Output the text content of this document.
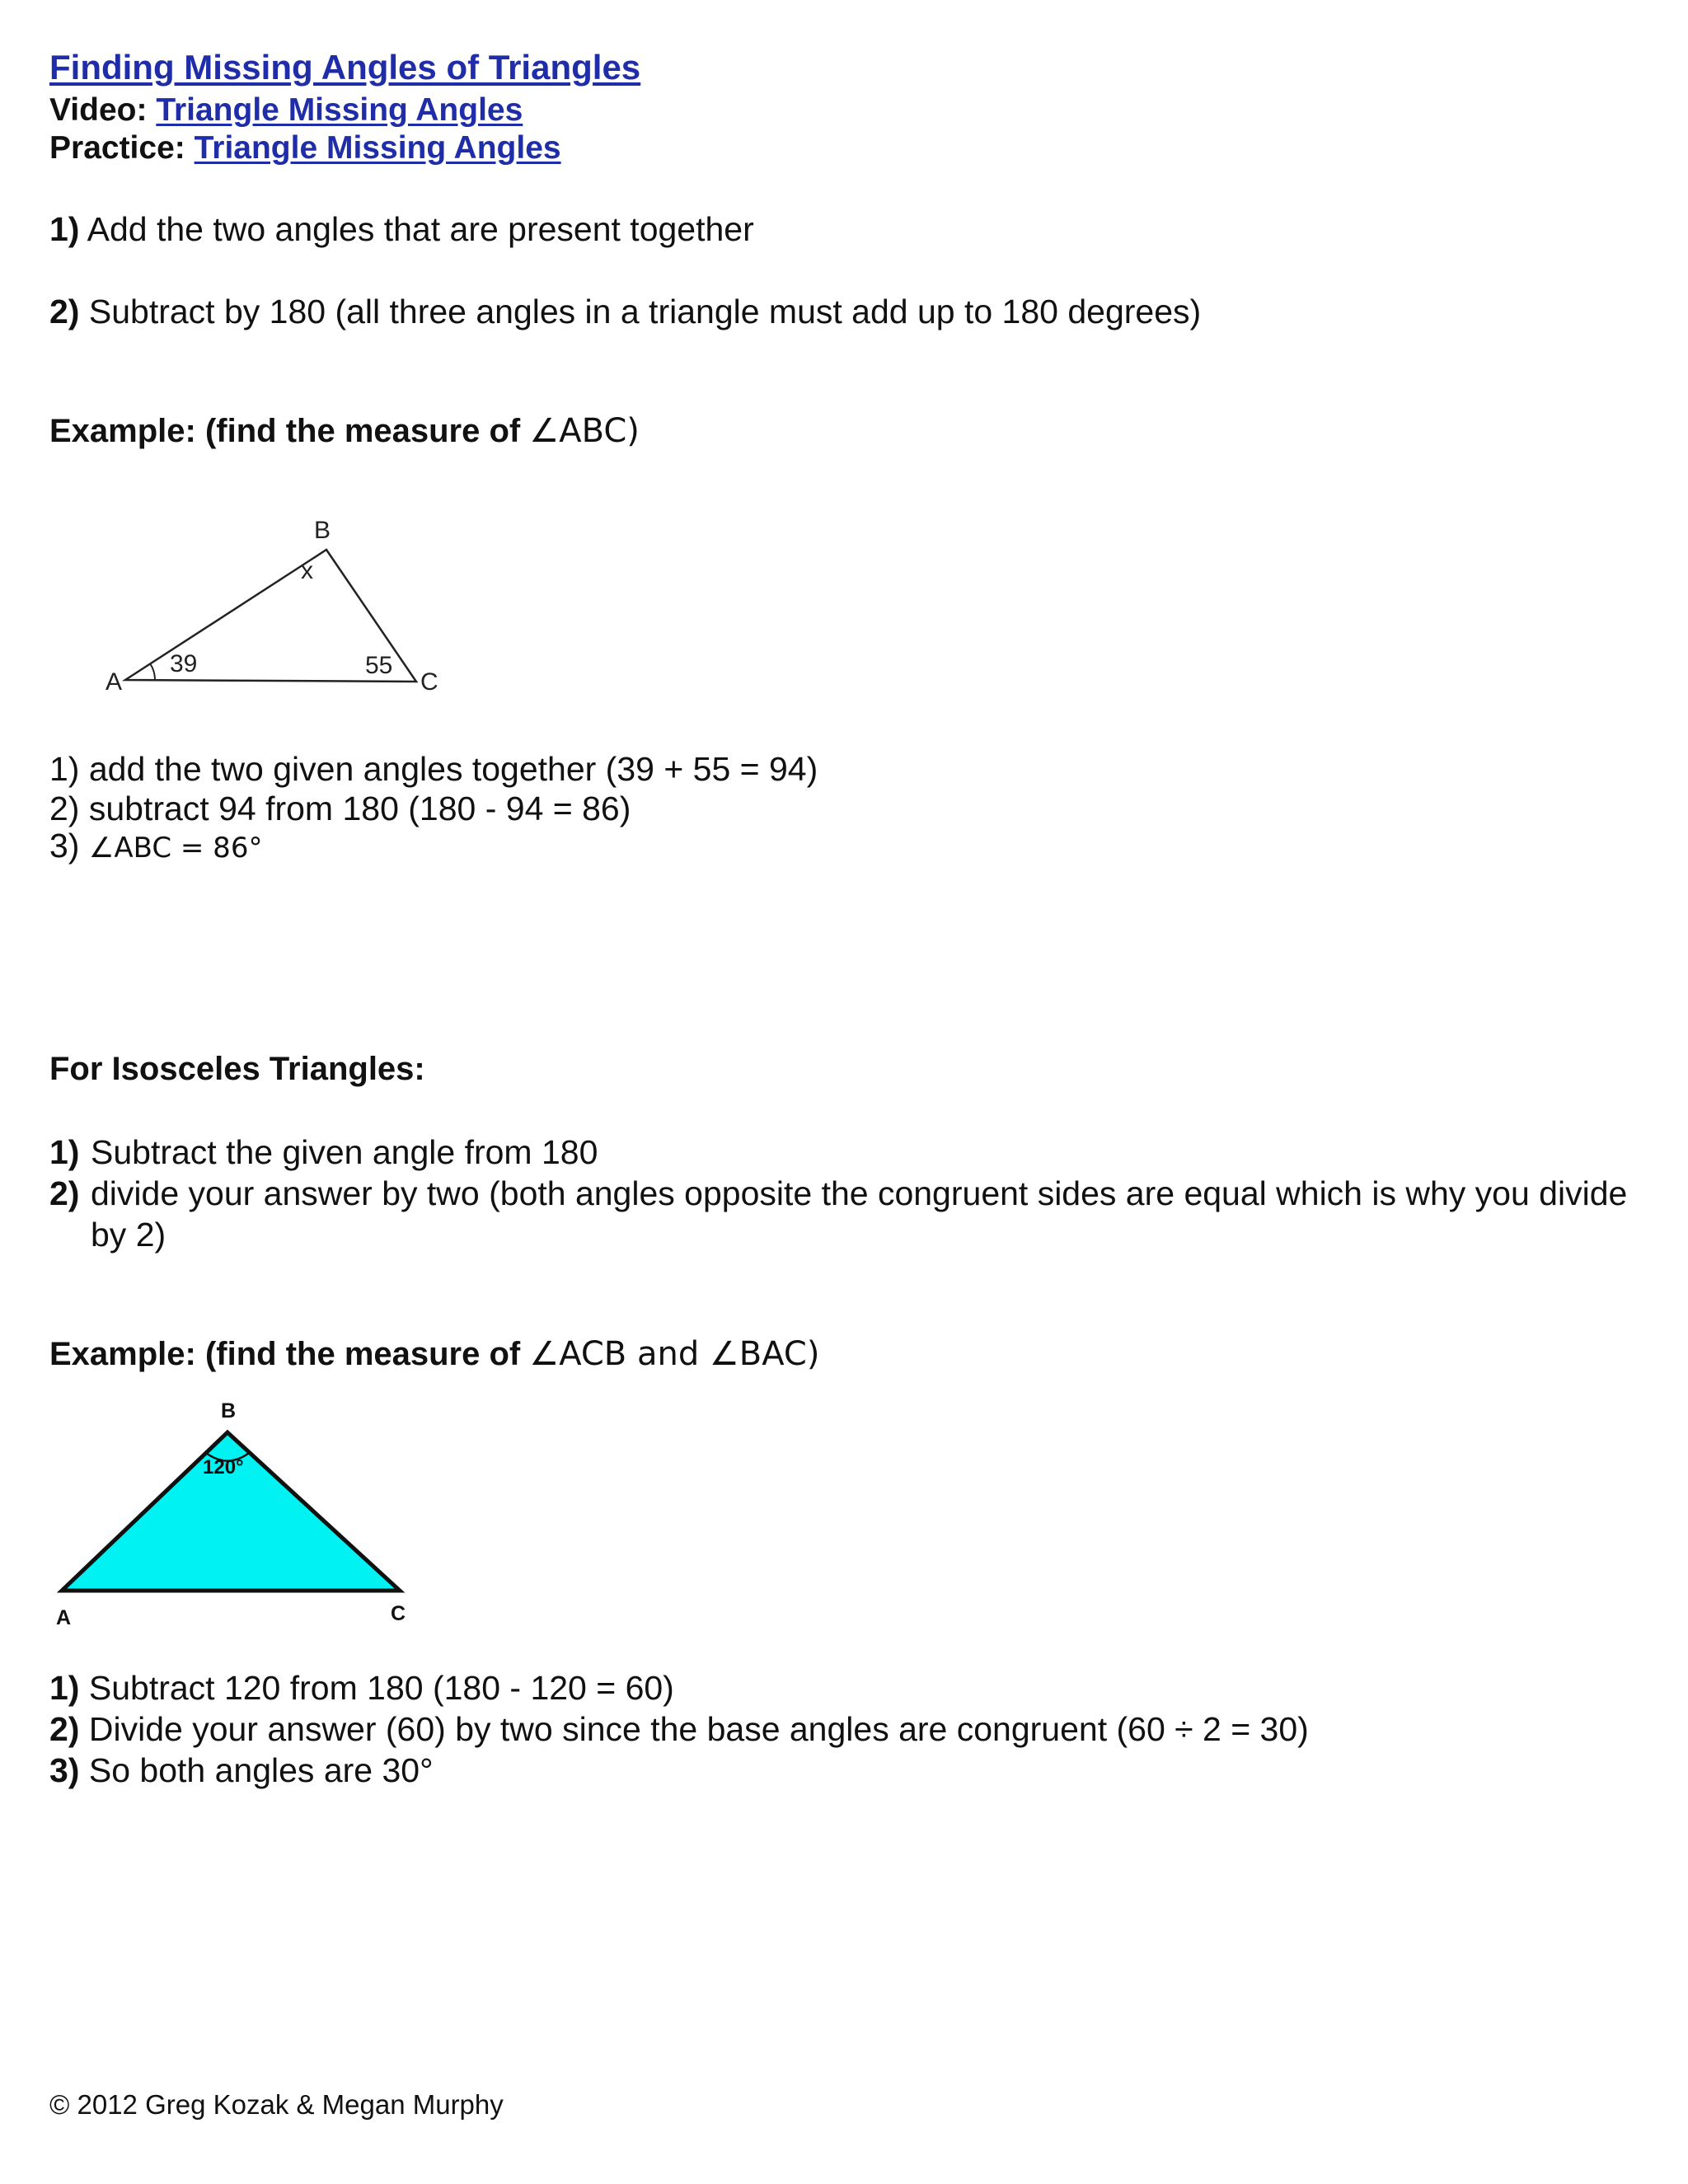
Finding Missing Angles of Triangles
Video: Triangle Missing Angles
Practice: Triangle Missing Angles
1) Add the two angles that are present together
2) Subtract by 180 (all three angles in a triangle must add up to 180 degrees)
Example: (find the measure of ∠ABC)
A
B
C
39
x
55
1) add the two given angles together (39 + 55 = 94)
2) subtract 94 from 180 (180 - 94 = 86)
3) ∠ABC = 86°
For Isosceles Triangles:
1) Subtract the given angle from 180
2) divide your answer by two (both angles opposite the congruent sides are equal which is why you divide by 2)
Example: (find the measure of ∠ACB and ∠BAC)
B
120°
A	C
1) Subtract 120 from 180 (180 - 120 = 60)
2) Divide your answer (60) by two since the base angles are congruent (60 ÷ 2 = 30)
3) So both angles are 30°
© 2012 Greg Kozak & Megan Murphy
